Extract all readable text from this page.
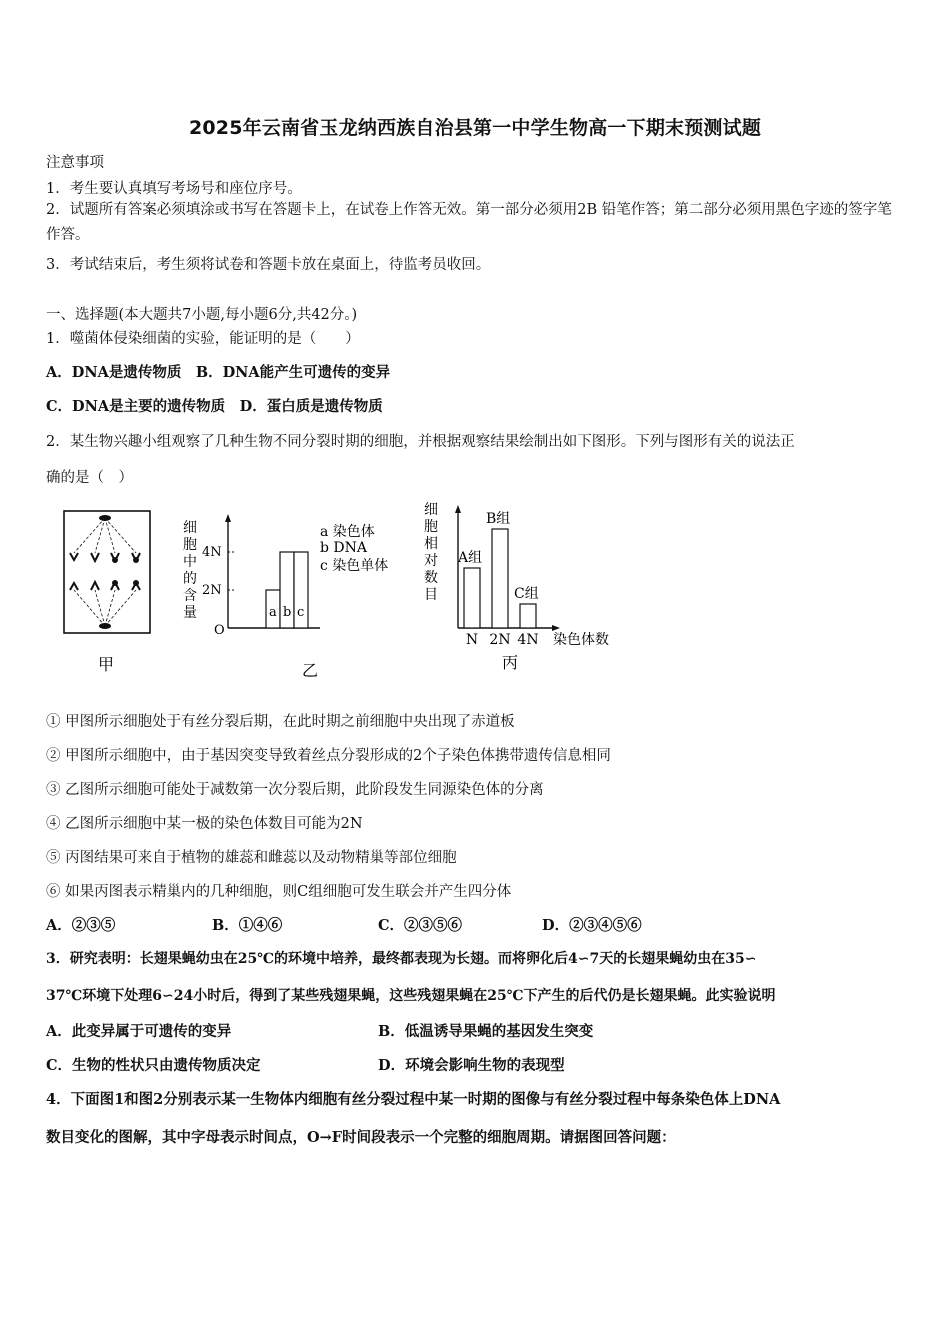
2025年云南省玉龙纳西族自治县第一中学生物高一下期末预测试题
注意事项
1．考生要认真填写考场号和座位序号。
2．试题所有答案必须填涂或书写在答题卡上，在试卷上作答无效。第一部分必须用2B 铅笔作答；第二部分必须用黑色字迹的签字笔作答。
3．考试结束后，考生须将试卷和答题卡放在桌面上，待监考员收回。
一、选择题(本大题共7小题,每小题6分,共42分。)
1．噬菌体侵染细菌的实验，能证明的是（　　）
A．DNA是遗传物质　B．DNA能产生可遗传的变异
C．DNA是主要的遗传物质　D．蛋白质是遗传物质
2．某生物兴趣小组观察了几种生物不同分裂时期的细胞，并根据观察结果绘制出如下图形。下列与图形有关的说法正
确的是（　）
甲
细胞中的含量
4N
2N
O
a b c
a 染色体
b DNA
c 染色单体
乙
细胞相对数目
A组
N
B组
2N
C组
4N 染色体数
丙
① 甲图所示细胞处于有丝分裂后期，在此时期之前细胞中央出现了赤道板
② 甲图所示细胞中，由于基因突变导致着丝点分裂形成的2个子染色体携带遗传信息相同
③ 乙图所示细胞可能处于减数第一次分裂后期，此阶段发生同源染色体的分离
④ 乙图所示细胞中某一极的染色体数目可能为2N
⑤ 丙图结果可来自于植物的雄蕊和雌蕊以及动物精巢等部位细胞
⑥ 如果丙图表示精巢内的几种细胞，则C组细胞可发生联会并产生四分体
A．②③⑤	B．①④⑥	C．②③⑤⑥	D．②③④⑤⑥
3．研究表明：长翅果蝇幼虫在25℃的环境中培养，最终都表现为长翅。而将卵化后4∽7天的长翅果蝇幼虫在35∽
37℃环境下处理6∽24小时后，得到了某些残翅果蝇，这些残翅果蝇在25℃下产生的后代仍是长翅果蝇。此实验说明
A．此变异属于可遗传的变异	B．低温诱导果蝇的基因发生突变
C．生物的性状只由遗传物质决定	D．环境会影响生物的表现型
4．下面图1和图2分别表示某一生物体内细胞有丝分裂过程中某一时期的图像与有丝分裂过程中每条染色体上DNA
数目变化的图解，其中字母表示时间点，O→F时间段表示一个完整的细胞周期。请据图回答问题：
